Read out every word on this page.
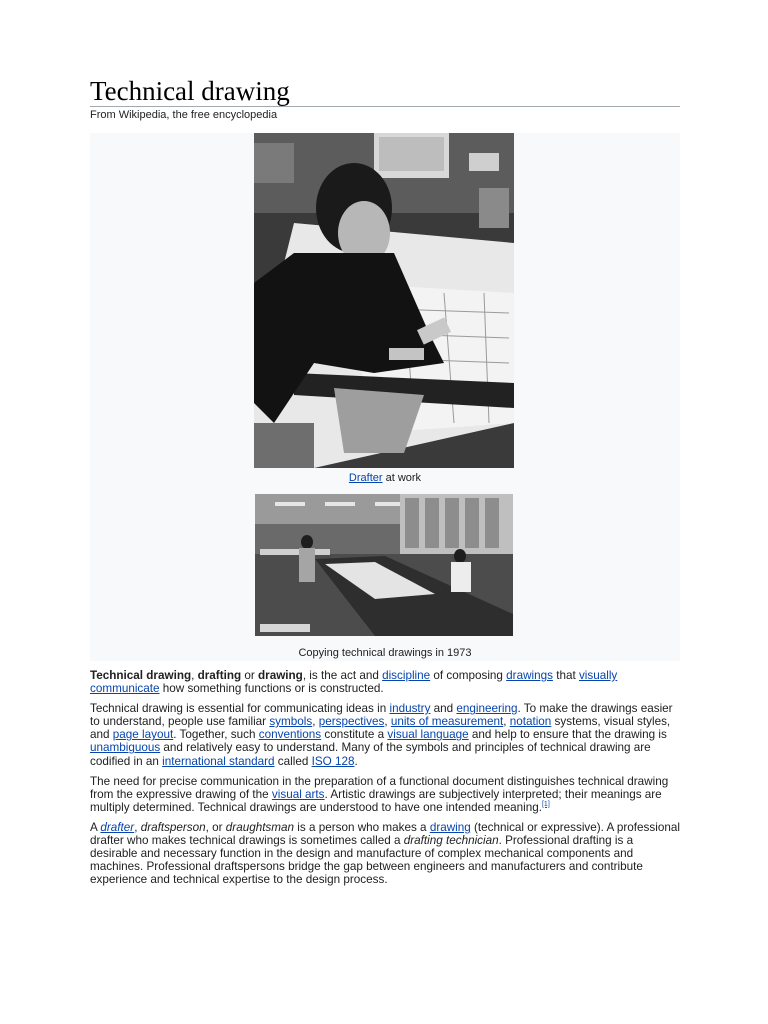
Technical drawing
From Wikipedia, the free encyclopedia
Drafter at work
Copying technical drawings in 1973

Technical drawing, drafting or drawing, is the act and discipline of composing drawings that visually communicate how something functions or is constructed.

Technical drawing is essential for communicating ideas in industry and engineering. To make the drawings easier to understand, people use familiar symbols, perspectives, units of measurement, notation systems, visual styles, and page layout. Together, such conventions constitute a visual language and help to ensure that the drawing is unambiguous and relatively easy to understand. Many of the symbols and principles of technical drawing are codified in an international standard called ISO 128.

The need for precise communication in the preparation of a functional document distinguishes technical drawing from the expressive drawing of the visual arts. Artistic drawings are subjectively interpreted; their meanings are multiply determined. Technical drawings are understood to have one intended meaning.[1]

A drafter, draftsperson, or draughtsman is a person who makes a drawing (technical or expressive). A professional drafter who makes technical drawings is sometimes called a drafting technician. Professional drafting is a desirable and necessary function in the design and manufacture of complex mechanical components and machines. Professional draftspersons bridge the gap between engineers and manufacturers and contribute experience and technical expertise to the design process.
